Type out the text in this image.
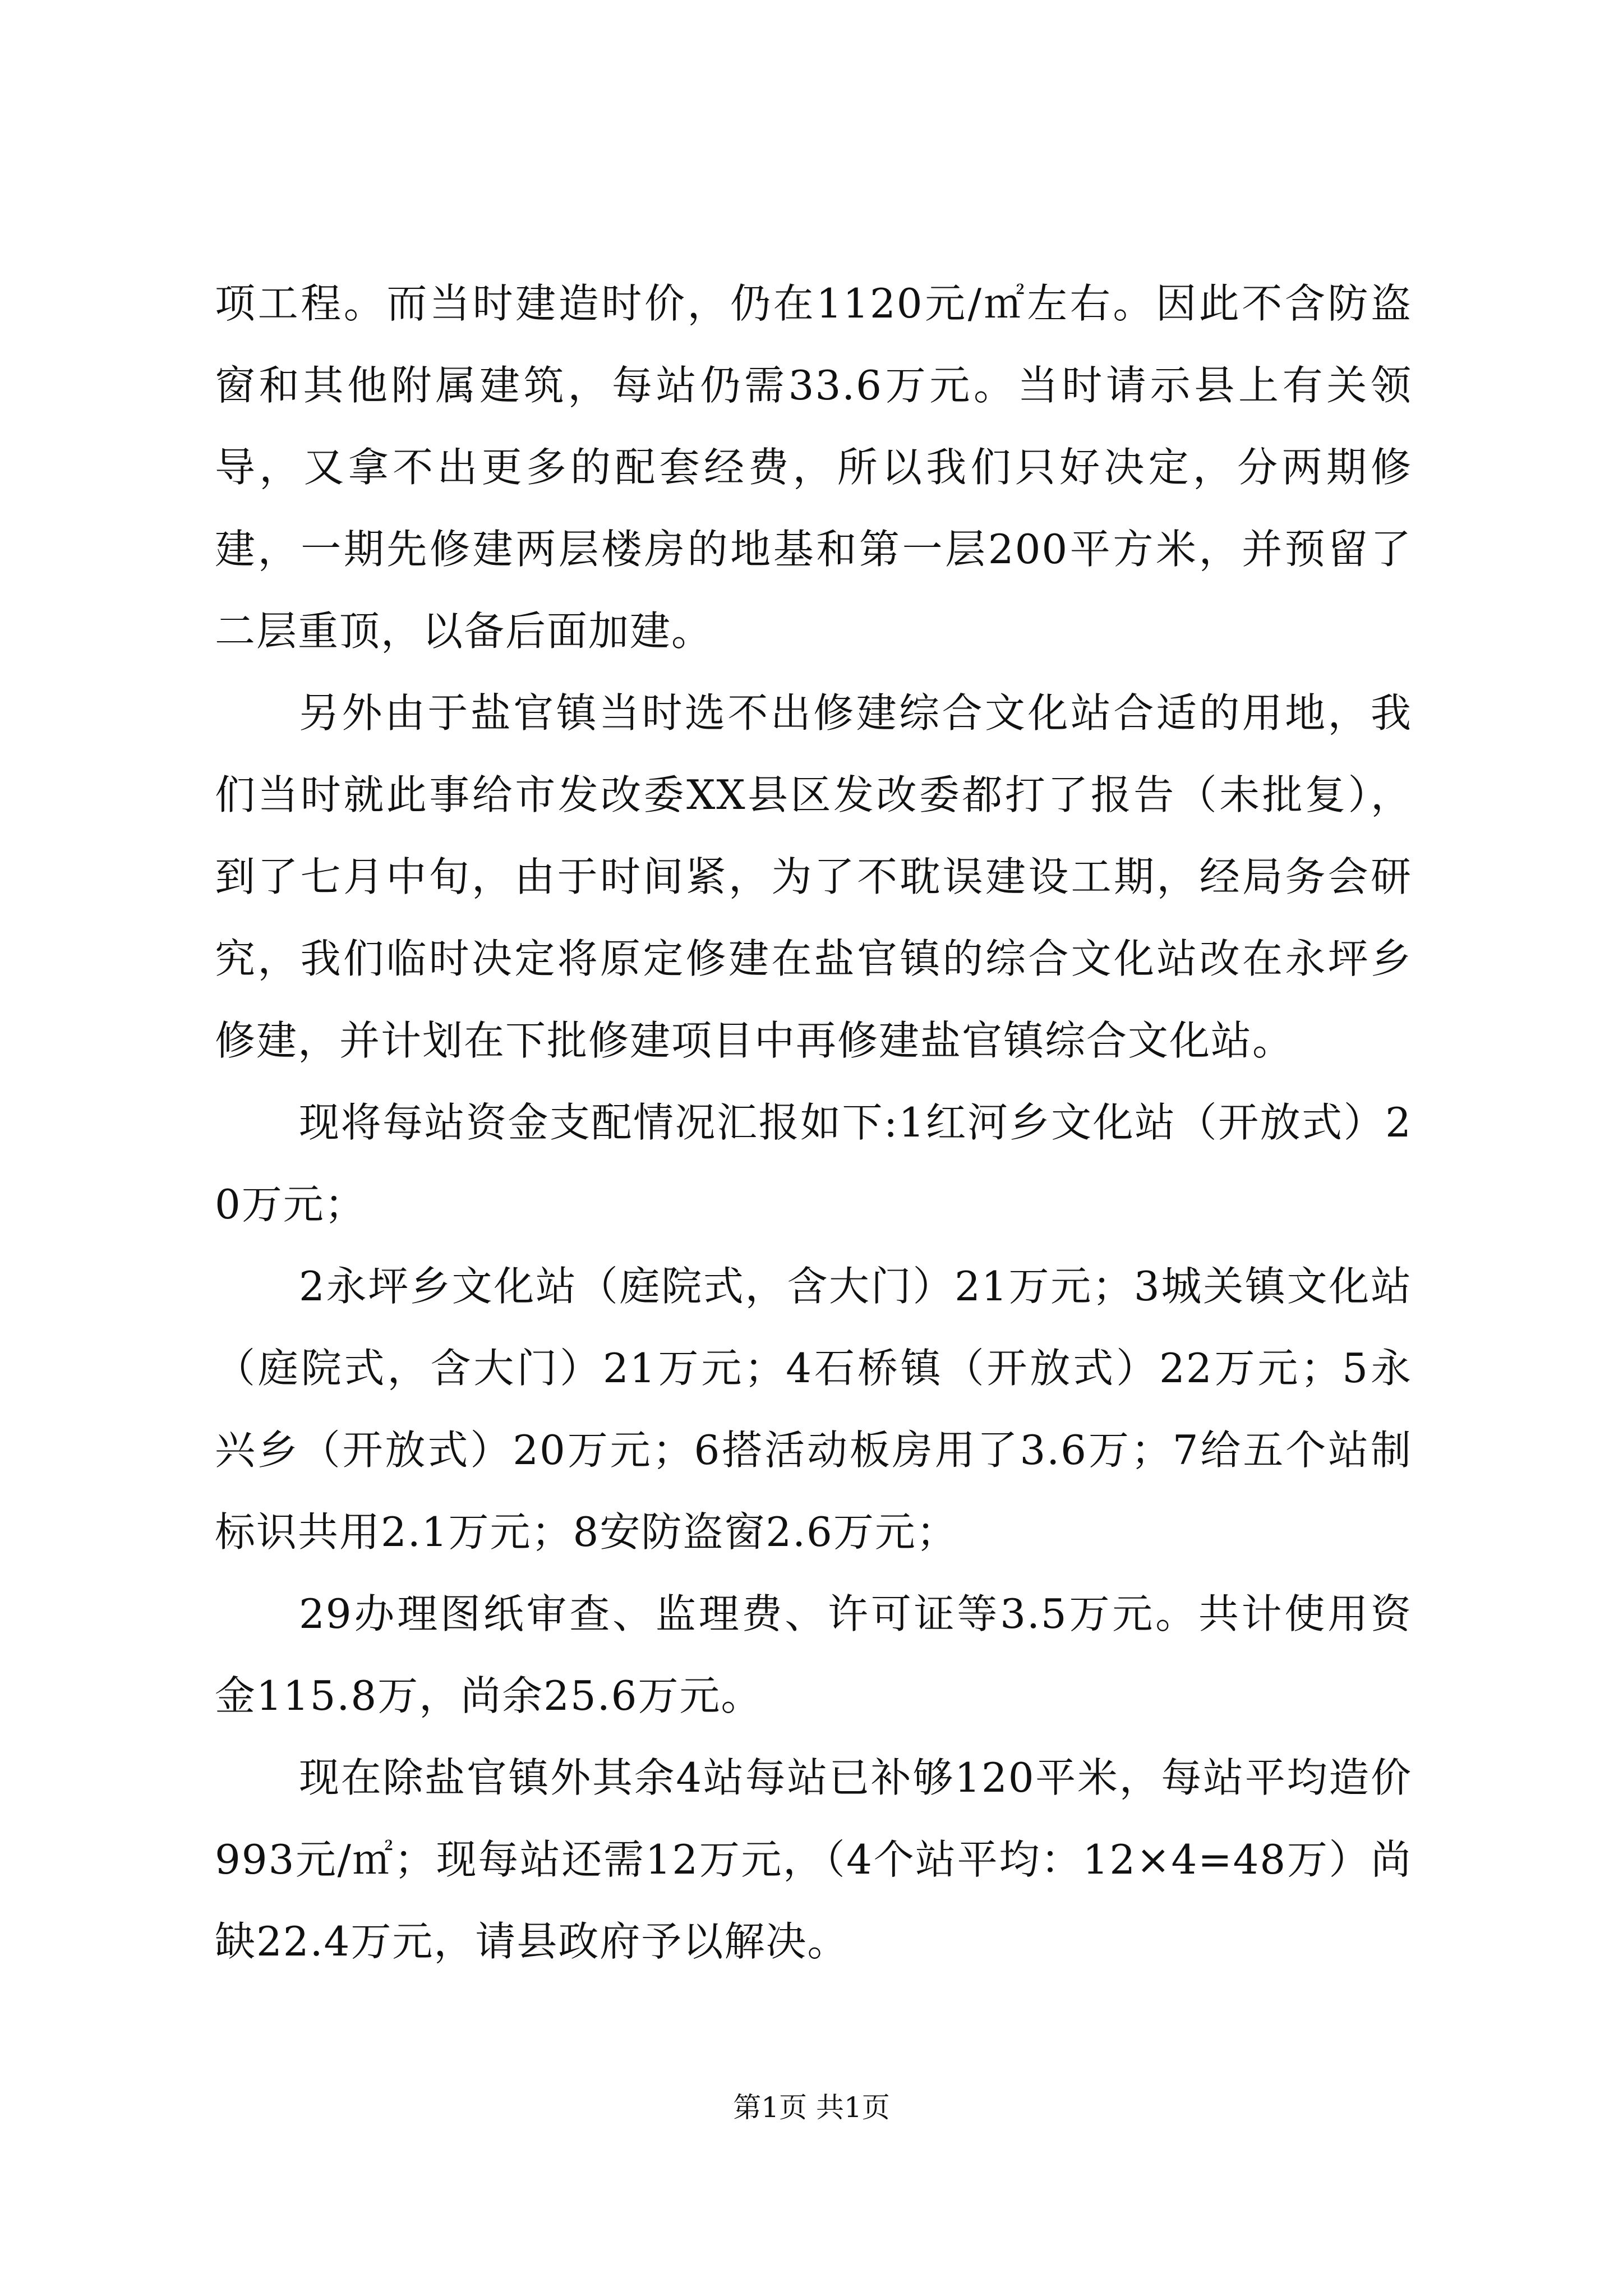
项工程。而当时建造时价，仍在1120元/㎡左右。因此不含防盗窗和其他附属建筑，每站仍需33.6万元。当时请示县上有关领导，又拿不出更多的配套经费，所以我们只好决定，分两期修建，一期先修建两层楼房的地基和第一层200平方米，并预留了二层重顶，以备后面加建。

另外由于盐官镇当时选不出修建综合文化站合适的用地，我们当时就此事给市发改委XX县区发改委都打了报告（未批复），到了七月中旬，由于时间紧，为了不耽误建设工期，经局务会研究，我们临时决定将原定修建在盐官镇的综合文化站改在永坪乡修建，并计划在下批修建项目中再修建盐官镇综合文化站。

现将每站资金支配情况汇报如下:1红河乡文化站（开放式）20万元；

2永坪乡文化站（庭院式，含大门）21万元；3城关镇文化站（庭院式，含大门）21万元；4石桥镇（开放式）22万元；5永兴乡（开放式）20万元；6搭活动板房用了3.6万；7给五个站制标识共用2.1万元；8安防盗窗2.6万元；

29办理图纸审查、监理费、许可证等3.5万元。共计使用资金115.8万，尚余25.6万元。

现在除盐官镇外其余4站每站已补够120平米，每站平均造价993元/㎡；现每站还需12万元，（4个站平均：12×4=48万）尚缺22.4万元，请县政府予以解决。

第1页 共1页
